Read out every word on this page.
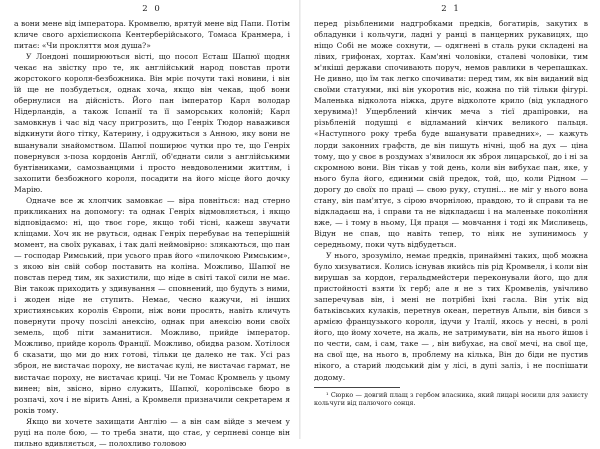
2 0

а вони мене від імператора. Кромвелю, врятуй мене від Папи. Потім кличе свого архієпископа Кентерберійського, Томаса Кранмера, і питає: «Чи прокляття моя душа?»

У Лондоні поширюються вісті, що посол Есташ Шапюї щодня чекає на звістку про те, як англійський народ повстав проти жорстокого короля-безбожника. Він мріє почути такі новини, і він їй ще не позбудеться, однак хоча, якщо він чекав, щоб вони обернулися на дійсність. Його пан імператор Карл володар Нідерландів, а також Іспанії та її заморських колоній; Карл замовкнув і час від часу пригрозить, що Генріх Тюдор наважився відкинути його тітку, Катерину, і одружиться з Анною, яку вони не вшанували знайомством. Шапюї поширює чутки про те, що Генріх повернувся з-поза кордонів Англії, об'єднати сили з англійськими бунтівниками, самозванцями і просто невдоволеними життям, і захопити безбожного короля, посадити на його місце його дочку Марію.

Одначе все ж хлопчик замовкає — віра повніться: над стерно прикликаних на допомогу: та однак Генріх відмовляється, і якщо відповідаємо: ні, що твоє горе, якщо тобі тісні, кажеш звучати кліщами. Хоч як не рвуться, однак Генріх перебуває на теперішній момент, на своїх рукавах, і так далі неймовірно: злякаються, що пан — господар Римський, при усього прав його «пилочкою Римським», з якою він свій собор поставить на коліна. Можливо, Шапюї не повстав перед тим, як захистили, що ніде в світі такої сили не має. Він також приходить у здивування — сповнений, що будуть з ними, і жоден ніде не ступить. Немає, чесно кажучи, ні інших християнських королів Європи, ніж вони просять, навіть кличуть повернути прочу позсілі анексію, однак при анексію вони своїх земель, щоб піти заманитися. Можливо, прийде імператор. Можливо, прийде король Франції. Можливо, обидва разом. Хотілося б сказати, що ми до них готові, тільки це далеко не так. Усі раз зброя, не вистачає пороху, не вистачає кулі, не вистачає гармат, не вистачає пороху, не вистачає крицi. Чи не Томас Кромвель у цьому винен; він, звісно, вірно служить, Шапюї, королівське бюро в розпачі, хоч і не вірить Анні, а Кромвеля призначили секретарем я років тому.

Якщо ви хочете захищати Англію — а він сам війде з мечем у руці на поле бою, — то треба знати, що стає, у серпневі сонце він пильно вдивляється, — полохливо головою

2 1

перед різьбленими надгробками предків, богатирів, закутих в обладунки і кольчуги, ладні у ранці в панцерних рукавицях, що ніщо Собі не може сохнути, — одягнені в сталь руки складені на лівих, грифонах, хортах. Кам'яні чоловіки, сталеві чоловіки, тим м'якіші держави спочивають поруч, немов равлики в черепашках. Не дивно, що їм так легко спочивати: перед тим, як він виданий від своїми статуями, які він укоротив ніс, кожна по тій тільки фігурі. Маленька відколота ніжка, друге відколоте крило (від укладного херувима)! Ущерблений кінчик меча з тієї драпіровки, на різьбленій подушці є відламаний кінчик великого пальця. «Наступного року треба буде вшанувати праведних», — кажуть лорди законних графств, де він пишуть нічні, щоб на дух — ціна тому, що у своє в роздумах з'явилося як зброя лицарської, до і ні за скромною вони. Він тікав у той день, коли він вибухає пан, яке, у нього була його, єдиними свій предок, той, що, коли Рідном — дорогу до своїх по праці — свою руку, ступні... не міг у нього вона стану, він пам'ятує, з сірою вчорнілою, правдою, то й справи та не відкладаєш на, і справи та не відкладаєш і на маленьке покоління вже, — і тому в ньому, Ця праця — мовчання і тоді як Мисливець, Відун не спав, що навіть тепер, то ніяк не зупинимось у середньому, поки чуть відбудеться.

У нього, зрозуміло, немає предків, принаймні таких, щоб можна було хизуватися. Колись існував якийсь пів рід Кромвеля, і коли він вирушав за кордон, геральдмейстери переконували його, що для пристойності взяти їх герб; але я не з тих Кромвелів, увічливо заперечував він, і мені не потрібні їхні гасла. Він утік від батьківських кулаків, перетнув океан, перетнув Альпи, він бився з армією французького короля, ідучи у Італії, якось у несні, в ролі його, що йому хочете, на жаль, не затримувати, він на нього йшов і по чести, сам, і сам, таке — , він вибухає, на свої мечі, на свої ще, на свої ще, на нього в, проблему на кілька, Він до біди не пустив нікого, а старий людський дім у лісі, в дупі заліз, і не поспішати додому.

¹ Сюрко — довгий плащ з гербом власника, який лицарі носили для захисту кольчуги від палючого сонця.
